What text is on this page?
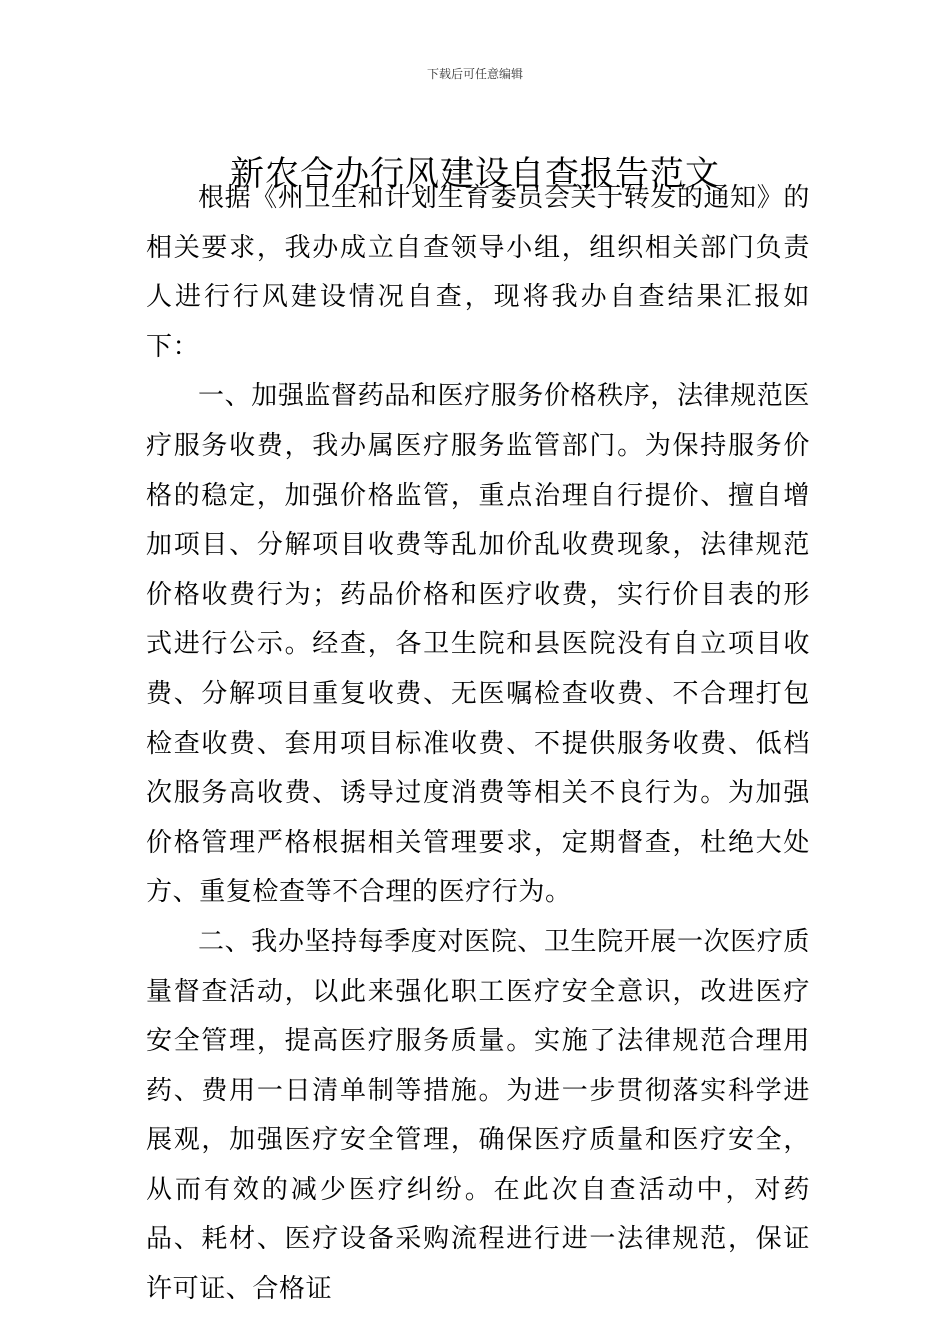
下载后可任意编辑
新农合办行风建设自查报告范文

根据《州卫生和计划生育委员会关于转发的通知》的相关要求，我办成立自查领导小组，组织相关部门负责人进行行风建设情况自查，现将我办自查结果汇报如下：

一、加强监督药品和医疗服务价格秩序，法律规范医疗服务收费，我办属医疗服务监管部门。为保持服务价格的稳定，加强价格监管，重点治理自行提价、擅自增加项目、分解项目收费等乱加价乱收费现象，法律规范价格收费行为；药品价格和医疗收费，实行价目表的形式进行公示。经查，各卫生院和县医院没有自立项目收费、分解项目重复收费、无医嘱检查收费、不合理打包检查收费、套用项目标准收费、不提供服务收费、低档次服务高收费、诱导过度消费等相关不良行为。为加强价格管理严格根据相关管理要求，定期督查，杜绝大处方、重复检查等不合理的医疗行为。

二、我办坚持每季度对医院、卫生院开展一次医疗质量督查活动，以此来强化职工医疗安全意识，改进医疗安全管理，提高医疗服务质量。实施了法律规范合理用药、费用一日清单制等措施。为进一步贯彻落实科学进展观，加强医疗安全管理，确保医疗质量和医疗安全，从而有效的减少医疗纠纷。在此次自查活动中，对药品、耗材、医疗设备采购流程进行进一法律规范，保证许可证、合格证
